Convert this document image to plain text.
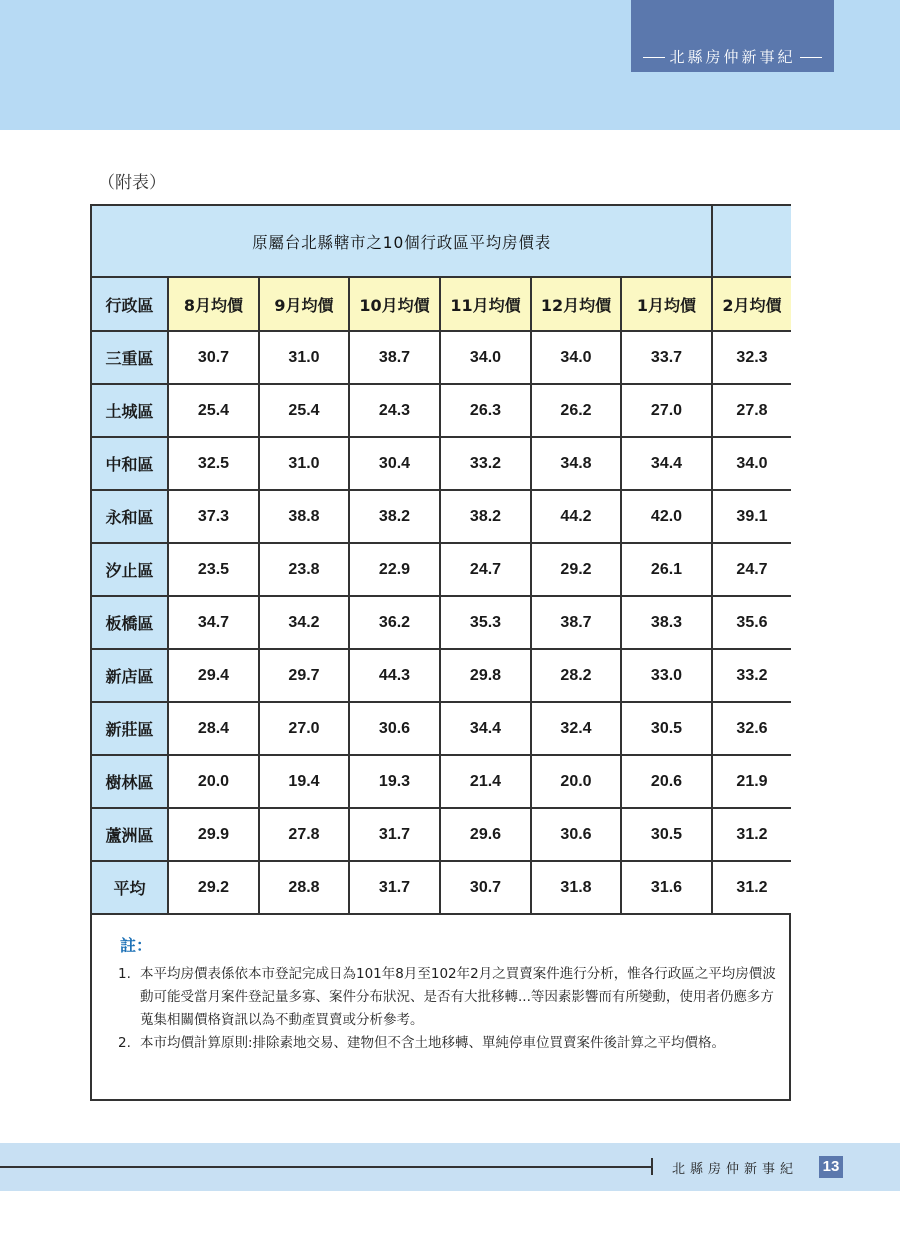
北縣房仲新事紀
（附表）
原屬台北縣轄市之10個行政區平均房價表							
行政區	8月均價	9月均價	10月均價	11月均價	12月均價	1月均價	2月均價
三重區	30.7	31.0	38.7	34.0	34.0	33.7	32.3
土城區	25.4	25.4	24.3	26.3	26.2	27.0	27.8
中和區	32.5	31.0	30.4	33.2	34.8	34.4	34.0
永和區	37.3	38.8	38.2	38.2	44.2	42.0	39.1
汐止區	23.5	23.8	22.9	24.7	29.2	26.1	24.7
板橋區	34.7	34.2	36.2	35.3	38.7	38.3	35.6
新店區	29.4	29.7	44.3	29.8	28.2	33.0	33.2
新莊區	28.4	27.0	30.6	34.4	32.4	30.5	32.6
樹林區	20.0	19.4	19.3	21.4	20.0	20.6	21.9
蘆洲區	29.9	27.8	31.7	29.6	30.6	30.5	31.2
平均	29.2	28.8	31.7	30.7	31.8	31.6	31.2
註：
1. 本平均房價表係依本市登記完成日為101年8月至102年2月之買賣案件進行分析，惟各行政區之平均房價波動可能受當月案件登記量多寡、案件分布狀況、是否有大批移轉...等因素影響而有所變動，使用者仍應多方蒐集相關價格資訊以為不動產買賣或分析參考。
2. 本市均價計算原則:排除素地交易、建物但不含土地移轉、單純停車位買賣案件後計算之平均價格。
北縣房仲新事紀 13
